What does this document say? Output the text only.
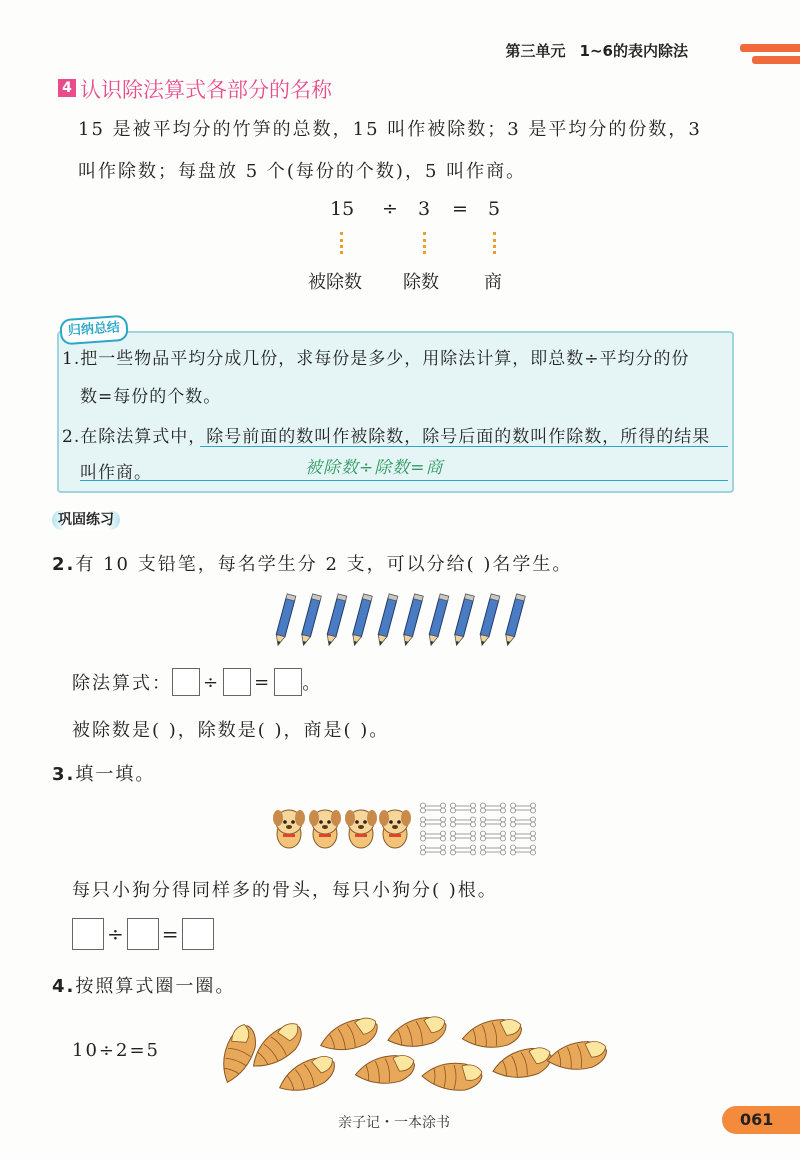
第三单元 1~6的表内除法
4 认识除法算式各部分的名称
15 是被平均分的竹笋的总数，15 叫作被除数；3 是平均分的份数，3
叫作除数；每盘放 5 个(每份的个数)，5 叫作商。
15 ÷ 3 = 5
被除数 除数	商
归纳总结
1.把一些物品平均分成几份，求每份是多少，用除法计算，即总数÷平均分的份
数=每份的个数。
2.在除法算式中，除号前面的数叫作被除数，除号后面的数叫作除数，所得的结果
叫作商。	被除数÷除数=商
巩固练习
2.有 10 支铅笔，每名学生分 2 支，可以分给( )名学生。
除法算式： ÷ = 。
被除数是( )，除数是( )，商是( )。
3.填一填。
每只小狗分得同样多的骨头，每只小狗分( )根。
÷ =
4.按照算式圈一圈。
10÷2=5
亲子记・一本涂书	061
